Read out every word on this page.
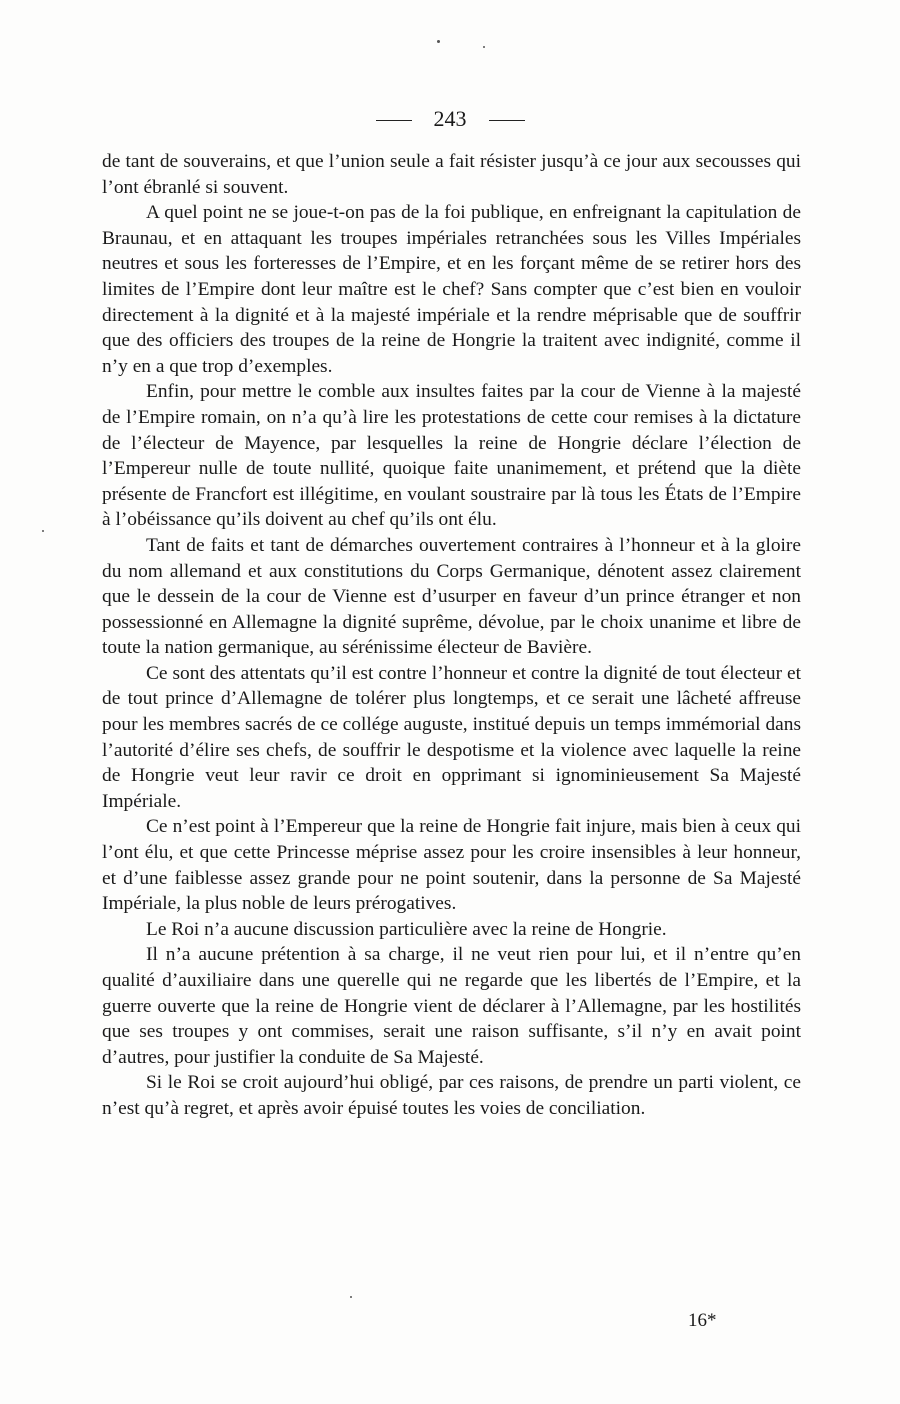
243

de tant de souverains, et que l’union seule a fait résister jusqu’à ce jour aux secousses qui l’ont ébranlé si souvent.

A quel point ne se joue-t-on pas de la foi publique, en enfreignant la capitulation de Braunau, et en attaquant les troupes impériales retranchées sous les Villes Impériales neutres et sous les forteresses de l’Empire, et en les forçant même de se retirer hors des limites de l’Empire dont leur maître est le chef? Sans compter que c’est bien en vouloir directement à la dignité et à la majesté impériale et la rendre méprisable que de souffrir que des officiers des troupes de la reine de Hongrie la traitent avec indignité, comme il n’y en a que trop d’exemples.

Enfin, pour mettre le comble aux insultes faites par la cour de Vienne à la majesté de l’Empire romain, on n’a qu’à lire les protestations de cette cour remises à la dictature de l’électeur de Mayence, par lesquelles la reine de Hongrie déclare l’élection de l’Empereur nulle de toute nullité, quoique faite unanimement, et prétend que la diète présente de Francfort est illégitime, en voulant soustraire par là tous les États de l’Empire à l’obéissance qu’ils doivent au chef qu’ils ont élu.

Tant de faits et tant de démarches ouvertement contraires à l’honneur et à la gloire du nom allemand et aux constitutions du Corps Germanique, dénotent assez clairement que le dessein de la cour de Vienne est d’usurper en faveur d’un prince étranger et non possessionné en Allemagne la dignité suprême, dévolue, par le choix unanime et libre de toute la nation germanique, au sérénissime électeur de Bavière.

Ce sont des attentats qu’il est contre l’honneur et contre la dignité de tout électeur et de tout prince d’Allemagne de tolérer plus longtemps, et ce serait une lâcheté affreuse pour les membres sacrés de ce collége auguste, institué depuis un temps immémorial dans l’autorité d’élire ses chefs, de souffrir le despotisme et la violence avec laquelle la reine de Hongrie veut leur ravir ce droit en opprimant si ignominieusement Sa Majesté Impériale.

Ce n’est point à l’Empereur que la reine de Hongrie fait injure, mais bien à ceux qui l’ont élu, et que cette Princesse méprise assez pour les croire insensibles à leur honneur, et d’une faiblesse assez grande pour ne point soutenir, dans la personne de Sa Majesté Impériale, la plus noble de leurs prérogatives.

Le Roi n’a aucune discussion particulière avec la reine de Hongrie.

Il n’a aucune prétention à sa charge, il ne veut rien pour lui, et il n’entre qu’en qualité d’auxiliaire dans une querelle qui ne regarde que les libertés de l’Empire, et la guerre ouverte que la reine de Hongrie vient de déclarer à l’Allemagne, par les hostilités que ses troupes y ont commises, serait une raison suffisante, s’il n’y en avait point d’autres, pour justifier la conduite de Sa Majesté.

Si le Roi se croit aujourd’hui obligé, par ces raisons, de prendre un parti violent, ce n’est qu’à regret, et après avoir épuisé toutes les voies de conciliation.

16*
